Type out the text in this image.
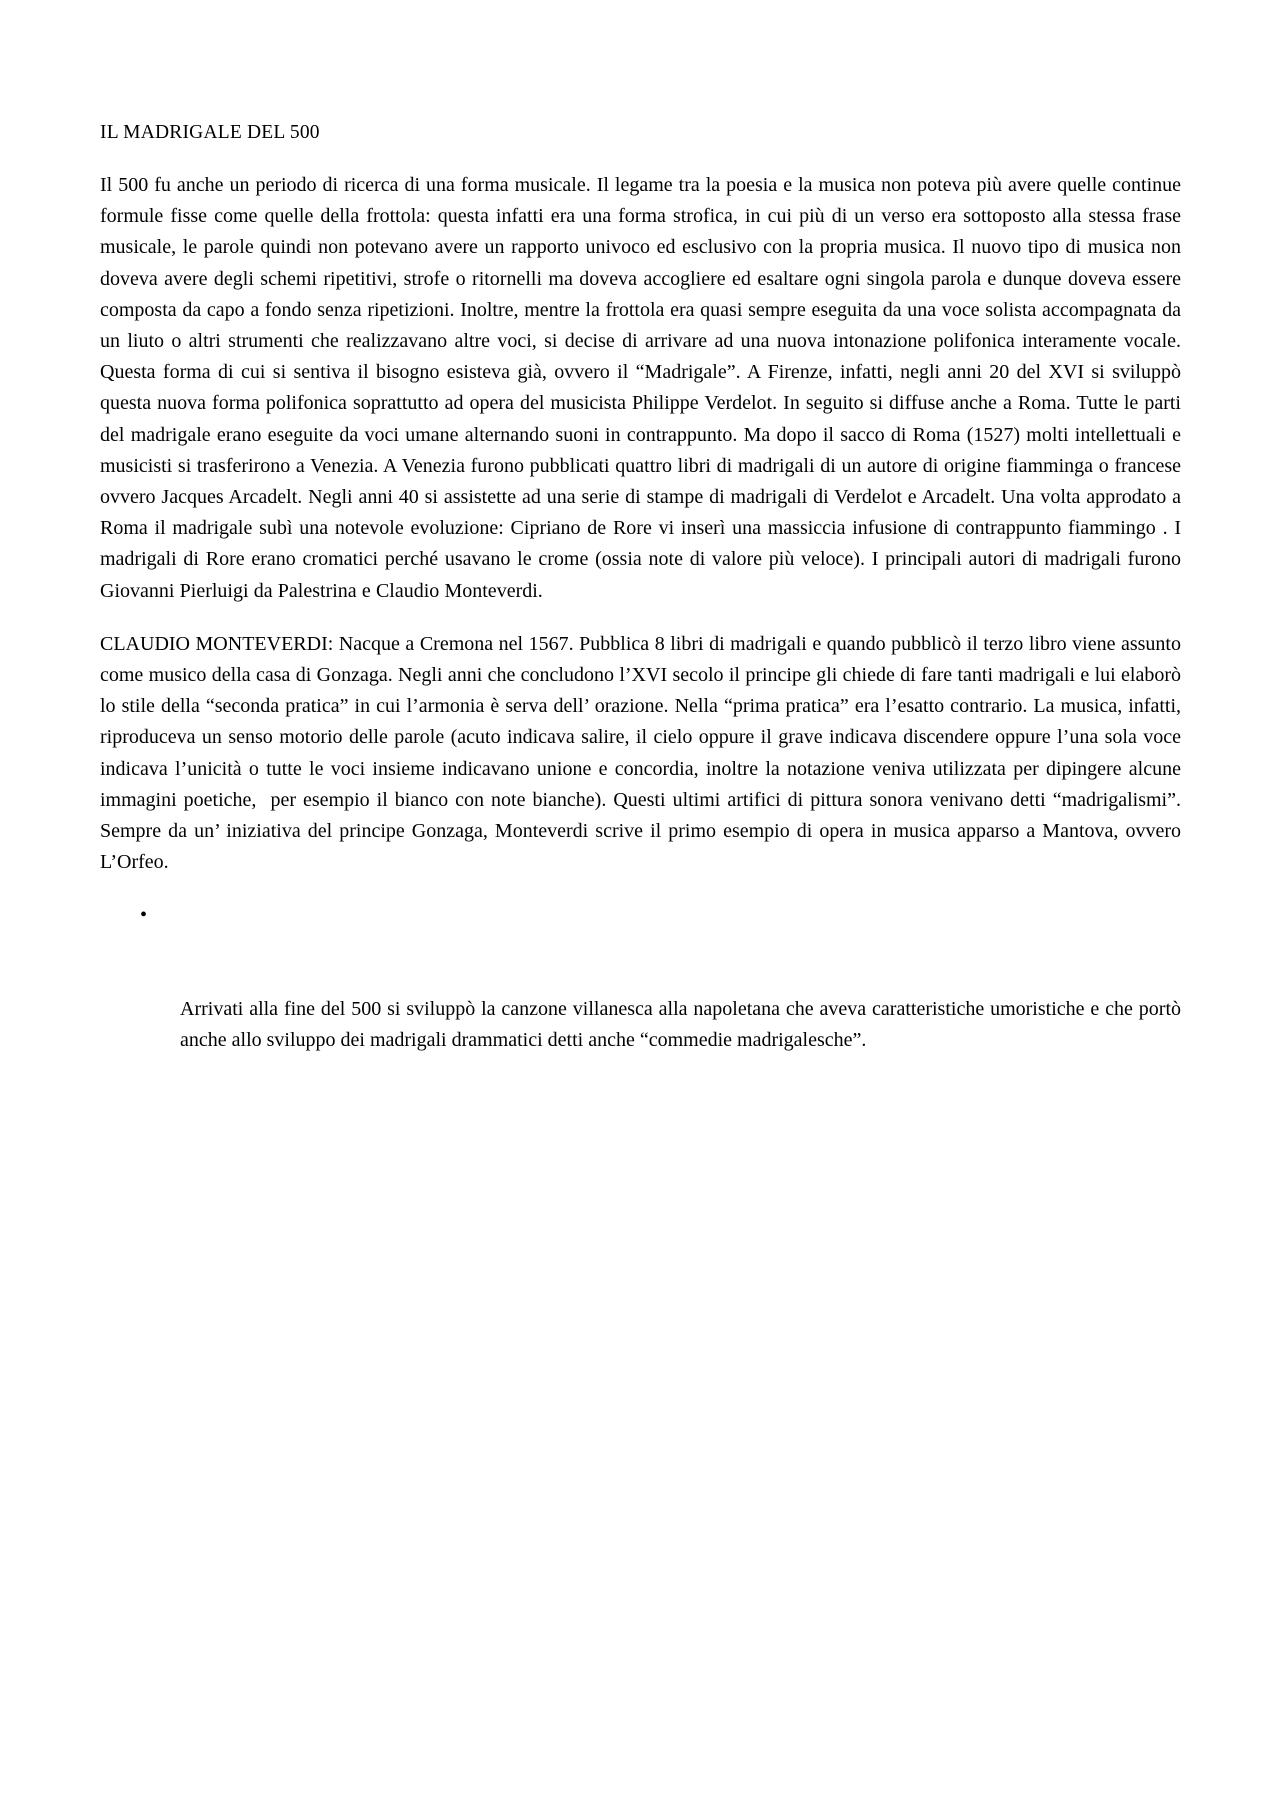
IL MADRIGALE DEL 500

Il 500 fu anche un periodo di ricerca di una forma musicale. Il legame tra la poesia e la musica non poteva più avere quelle continue formule fisse come quelle della frottola: questa infatti era una forma strofica, in cui più di un verso era sottoposto alla stessa frase musicale, le parole quindi non potevano avere un rapporto univoco ed esclusivo con la propria musica. Il nuovo tipo di musica non doveva avere degli schemi ripetitivi, strofe o ritornelli ma doveva accogliere ed esaltare ogni singola parola e dunque doveva essere composta da capo a fondo senza ripetizioni. Inoltre, mentre la frottola era quasi sempre eseguita da una voce solista accompagnata da un liuto o altri strumenti che realizzavano altre voci, si decise di arrivare ad una nuova intonazione polifonica interamente vocale. Questa forma di cui si sentiva il bisogno esisteva già, ovvero il “Madrigale”. A Firenze, infatti, negli anni 20 del XVI si sviluppò questa nuova forma polifonica soprattutto ad opera del musicista Philippe Verdelot. In seguito si diffuse anche a Roma. Tutte le parti del madrigale erano eseguite da voci umane alternando suoni in contrappunto. Ma dopo il sacco di Roma (1527) molti intellettuali e musicisti si trasferirono a Venezia. A Venezia furono pubblicati quattro libri di madrigali di un autore di origine fiamminga o francese ovvero Jacques Arcadelt. Negli anni 40 si assistette ad una serie di stampe di madrigali di Verdelot e Arcadelt. Una volta approdato a Roma il madrigale subì una notevole evoluzione: Cipriano de Rore vi inserì una massiccia infusione di contrappunto fiammingo . I madrigali di Rore erano cromatici perché usavano le crome (ossia note di valore più veloce). I principali autori di madrigali furono Giovanni Pierluigi da Palestrina e Claudio Monteverdi.

CLAUDIO MONTEVERDI: Nacque a Cremona nel 1567. Pubblica 8 libri di madrigali e quando pubblicò il terzo libro viene assunto come musico della casa di Gonzaga. Negli anni che concludono l’XVI secolo il principe gli chiede di fare tanti madrigali e lui elaborò lo stile della “seconda pratica” in cui l’armonia è serva dell’ orazione. Nella “prima pratica” era l’esatto contrario. La musica, infatti, riproduceva un senso motorio delle parole (acuto indicava salire, il cielo oppure il grave indicava discendere oppure l’una sola voce indicava l’unicità o tutte le voci insieme indicavano unione e concordia, inoltre la notazione veniva utilizzata per dipingere alcune immagini poetiche,  per esempio il bianco con note bianche). Questi ultimi artifici di pittura sonora venivano detti “madrigalismi”. Sempre da un’ iniziativa del principe Gonzaga, Monteverdi scrive il primo esempio di opera in musica apparso a Mantova, ovvero L’Orfeo.

•

Arrivati alla fine del 500 si sviluppò la canzone villanesca alla napoletana che aveva caratteristiche umoristiche e che portò anche allo sviluppo dei madrigali drammatici detti anche “commedie madrigalesche”.
